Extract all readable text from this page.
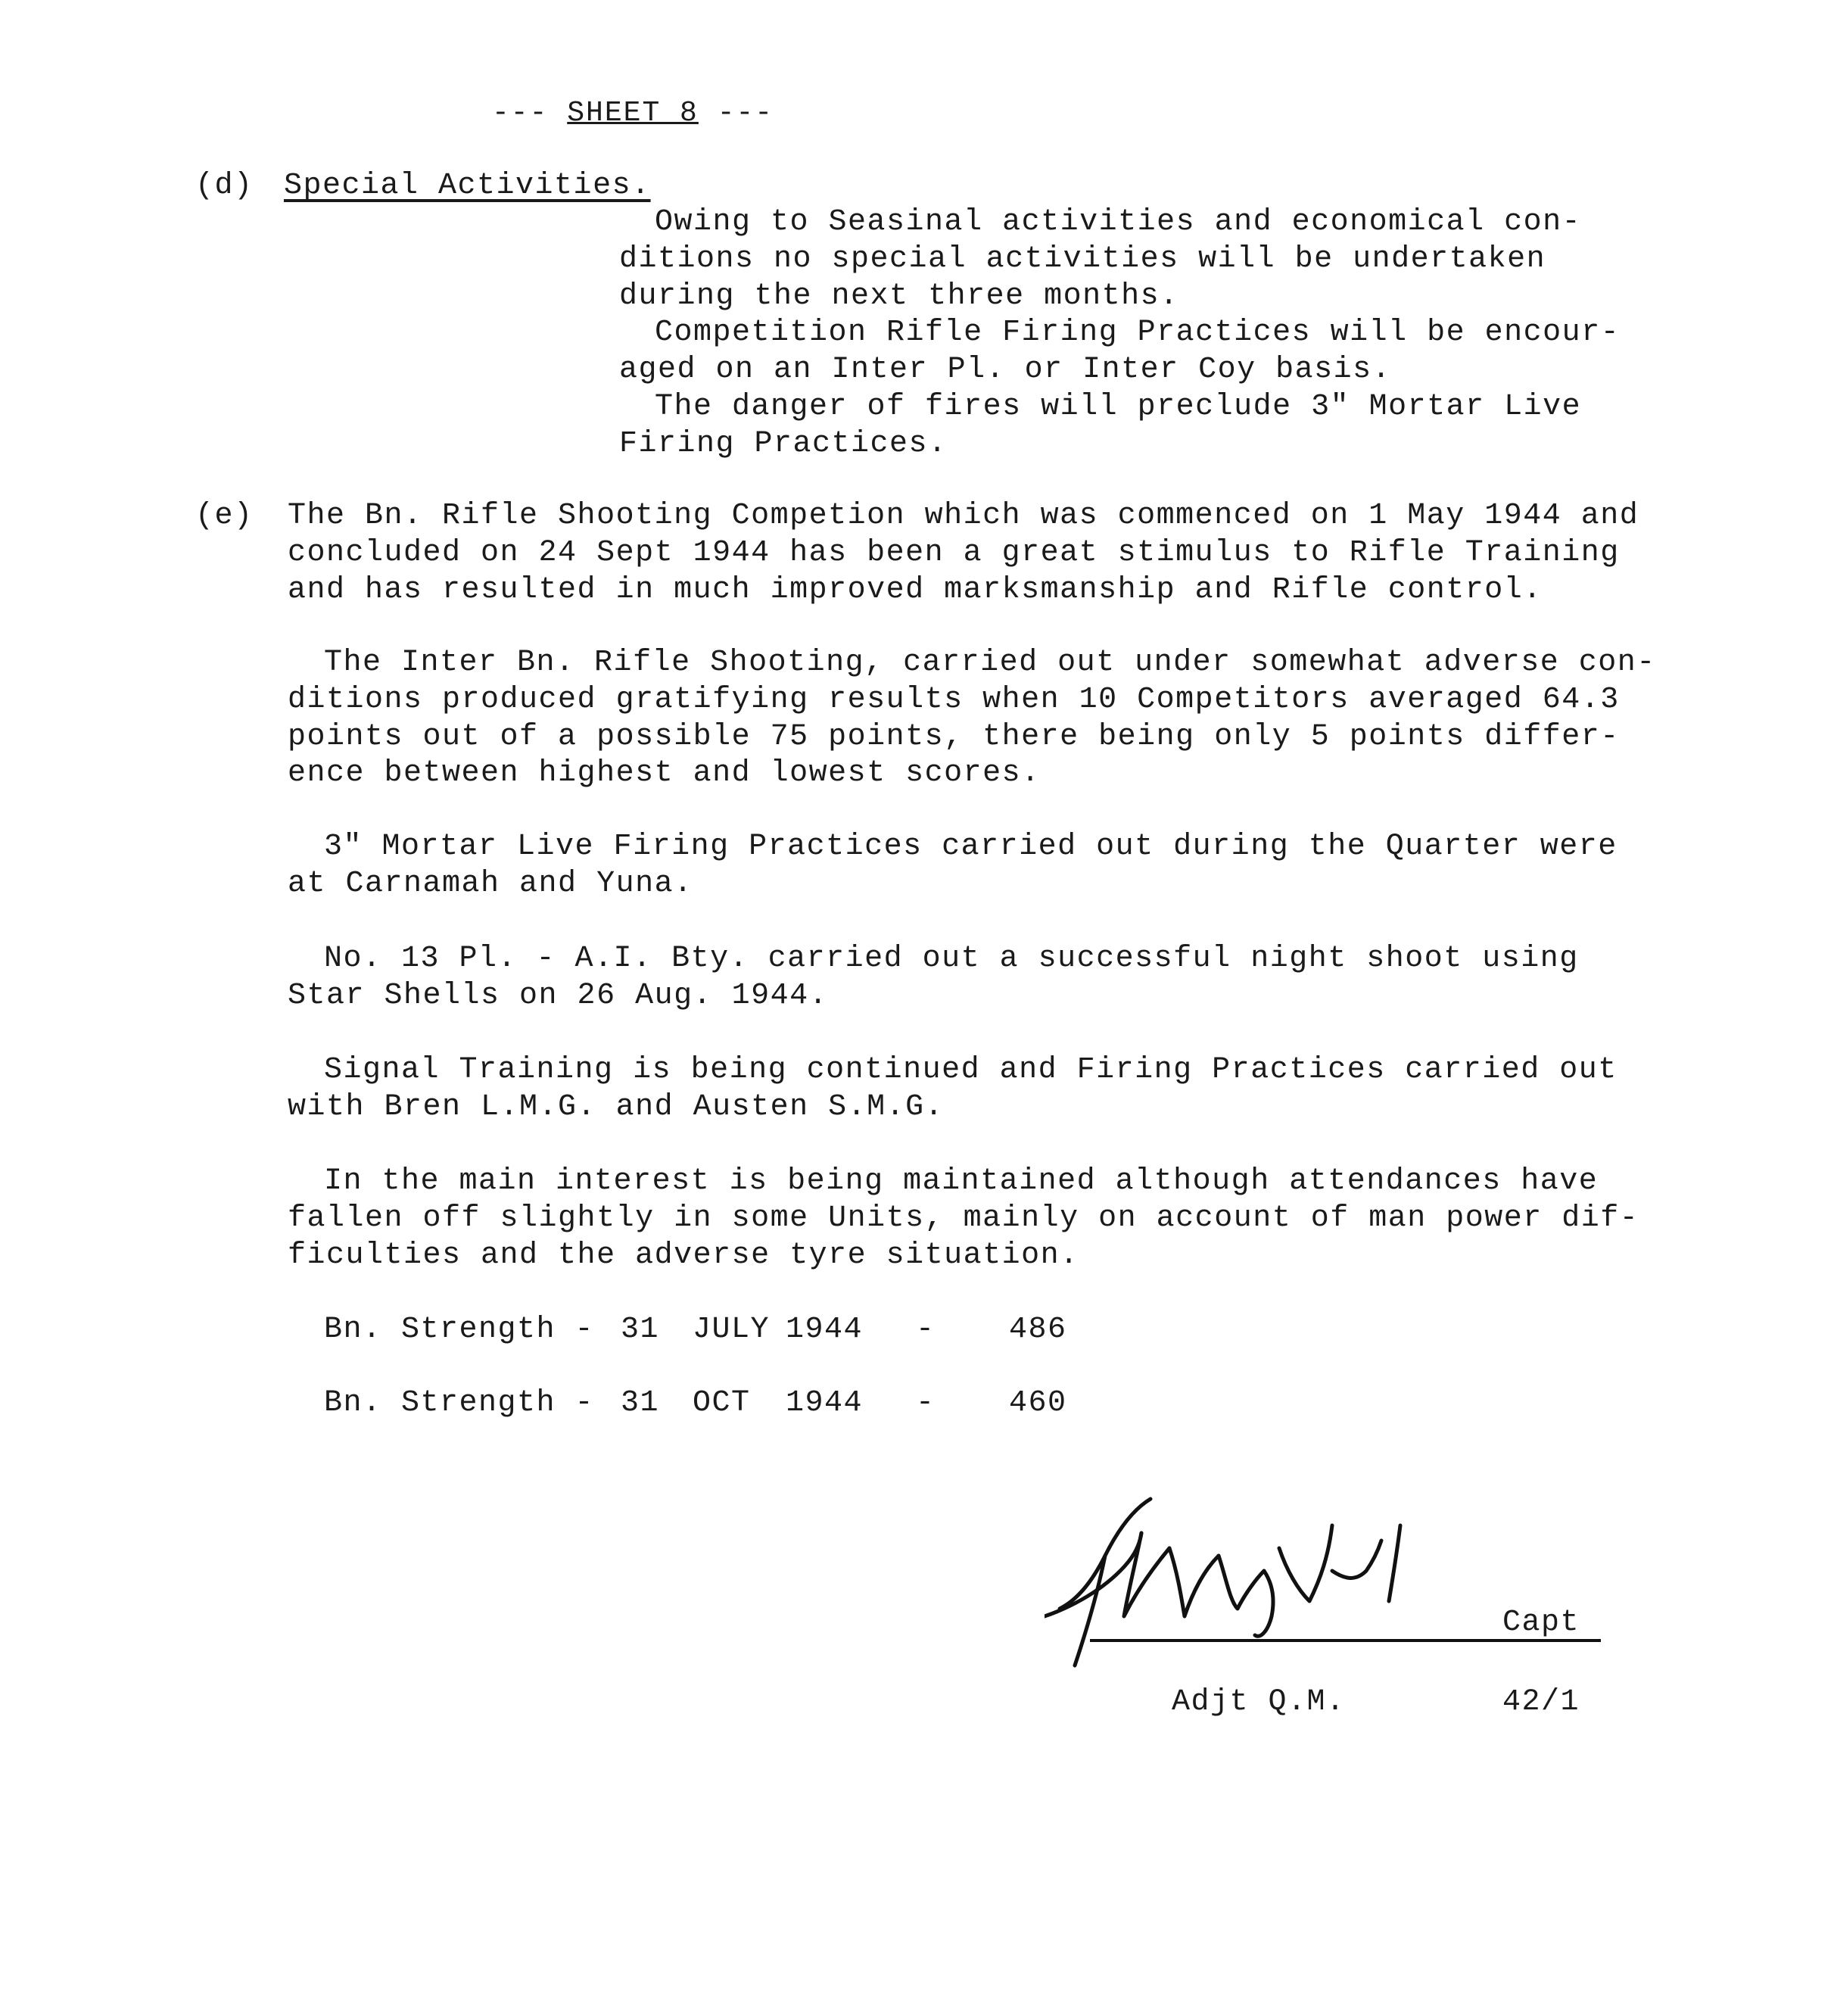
--- SHEET 8 ---
(d) Special Activities.
Owing to Seasinal activities and economical con-
ditions no special activities will be undertaken
during the next three months.
Competition Rifle Firing Practices will be encour-
aged on an Inter Pl. or Inter Coy basis.
The danger of fires will preclude 3" Mortar Live
Firing Practices.
(e) The Bn. Rifle Shooting Competion which was commenced on 1 May 1944 and
concluded on 24 Sept 1944 has been a great stimulus to Rifle Training
and has resulted in much improved marksmanship and Rifle control.
The Inter Bn. Rifle Shooting, carried out under somewhat adverse con-
ditions produced gratifying results when 10 Competitors averaged 64.3
points out of a possible 75 points, there being only 5 points differ-
ence between highest and lowest scores.
3" Mortar Live Firing Practices carried out during the Quarter were
at Carnamah and Yuna.
No. 13 Pl. - A.I. Bty. carried out a successful night shoot using
Star Shells on 26 Aug. 1944.
Signal Training is being continued and Firing Practices carried out
with Bren L.M.G. and Austen S.M.G.
In the main interest is being maintained although attendances have
fallen off slightly in some Units, mainly on account of man power dif-
ficulties and the adverse tyre situation.
Bn. Strength - 31 JULY 1944 - 486
Bn. Strength - 31 OCT 1944 - 460
Capt
Adjt Q.M.	42/1
